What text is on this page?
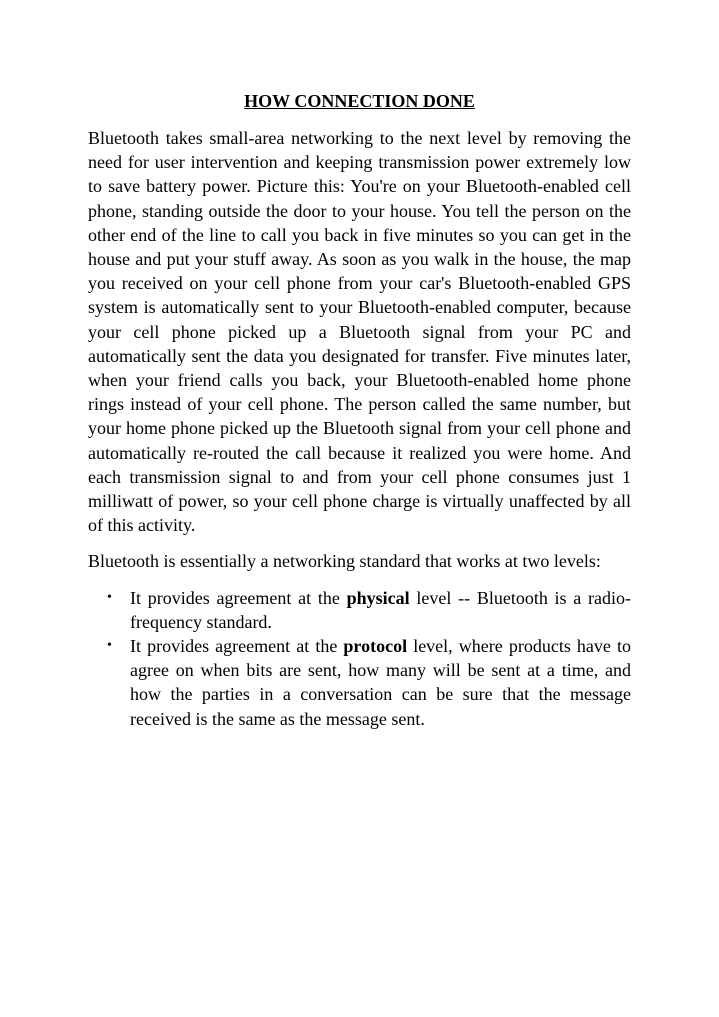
HOW CONNECTION DONE

Bluetooth takes small-area networking to the next level by removing the need for user intervention and keeping transmission power extremely low to save battery power. Picture this: You're on your Bluetooth-enabled cell phone, standing outside the door to your house. You tell the person on the other end of the line to call you back in five minutes so you can get in the house and put your stuff away. As soon as you walk in the house, the map you received on your cell phone from your car's Bluetooth-enabled GPS system is automatically sent to your Bluetooth-enabled computer, because your cell phone picked up a Bluetooth signal from your PC and automatically sent the data you designated for transfer. Five minutes later, when your friend calls you back, your Bluetooth-enabled home phone rings instead of your cell phone. The person called the same number, but your home phone picked up the Bluetooth signal from your cell phone and automatically re-routed the call because it realized you were home. And each transmission signal to and from your cell phone consumes just 1 milliwatt of power, so your cell phone charge is virtually unaffected by all of this activity.

Bluetooth is essentially a networking standard that works at two levels:

• It provides agreement at the physical level -- Bluetooth is a radio-frequency standard.
• It provides agreement at the protocol level, where products have to agree on when bits are sent, how many will be sent at a time, and how the parties in a conversation can be sure that the message received is the same as the message sent.
